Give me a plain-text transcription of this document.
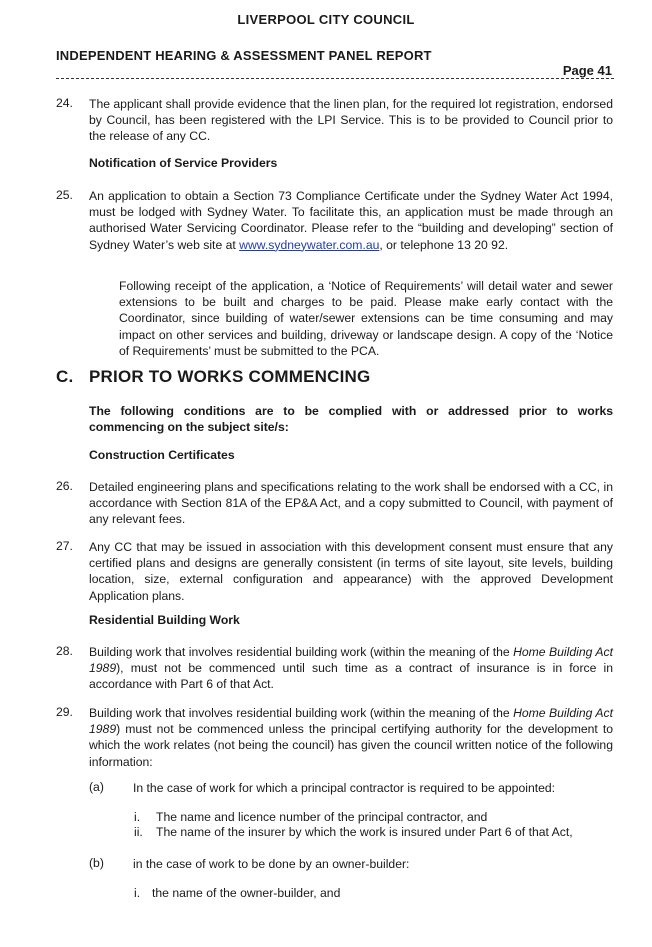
LIVERPOOL CITY COUNCIL
INDEPENDENT HEARING & ASSESSMENT PANEL REPORT
Page 41
24.	The applicant shall provide evidence that the linen plan, for the required lot registration, endorsed by Council, has been registered with the LPI Service. This is to be provided to Council prior to the release of any CC.
Notification of Service Providers
25.	An application to obtain a Section 73 Compliance Certificate under the Sydney Water Act 1994, must be lodged with Sydney Water. To facilitate this, an application must be made through an authorised Water Servicing Coordinator. Please refer to the “building and developing” section of Sydney Water’s web site at www.sydneywater.com.au, or telephone 13 20 92.
Following receipt of the application, a ‘Notice of Requirements’ will detail water and sewer extensions to be built and charges to be paid. Please make early contact with the Coordinator, since building of water/sewer extensions can be time consuming and may impact on other services and building, driveway or landscape design. A copy of the ‘Notice of Requirements’ must be submitted to the PCA.
C. PRIOR TO WORKS COMMENCING
The following conditions are to be complied with or addressed prior to works commencing on the subject site/s:
Construction Certificates
26.	Detailed engineering plans and specifications relating to the work shall be endorsed with a CC, in accordance with Section 81A of the EP&A Act, and a copy submitted to Council, with payment of any relevant fees.
27.	Any CC that may be issued in association with this development consent must ensure that any certified plans and designs are generally consistent (in terms of site layout, site levels, building location, size, external configuration and appearance) with the approved Development Application plans.
Residential Building Work
28.	Building work that involves residential building work (within the meaning of the Home Building Act 1989), must not be commenced until such time as a contract of insurance is in force in accordance with Part 6 of that Act.
29.	Building work that involves residential building work (within the meaning of the Home Building Act 1989) must not be commenced unless the principal certifying authority for the development to which the work relates (not being the council) has given the council written notice of the following information:
(a) In the case of work for which a principal contractor is required to be appointed:
i.	The name and licence number of the principal contractor, and
ii.	The name of the insurer by which the work is insured under Part 6 of that Act,
(b) in the case of work to be done by an owner-builder:
i. the name of the owner-builder, and
